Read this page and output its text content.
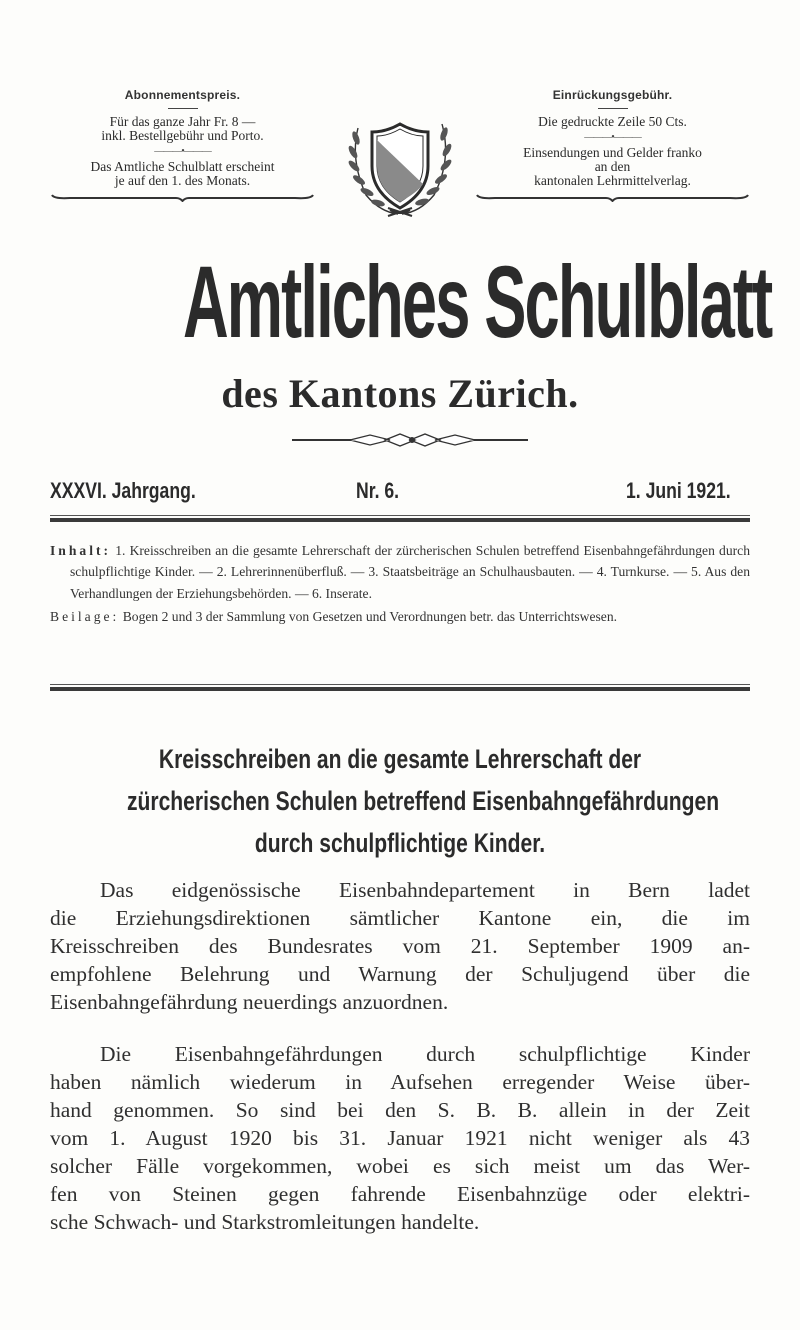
Abonnementspreis.
Für das ganze Jahr Fr. 8 —
inkl. Bestellgebühr und Porto.
———•———
Das Amtliche Schulblatt erscheint
je auf den 1. des Monats.
Einrückungsgebühr.
Die gedruckte Zeile 50 Cts.
———•———
Einsendungen und Gelder franko
an den
kantonalen Lehrmittelverlag.
Amtliches Schulblatt
des Kantons Zürich.
XXXVI. Jahrgang.	Nr. 6.	1. Juni 1921.

Inhalt: 1. Kreisschreiben an die gesamte Lehrerschaft der zürcherischen Schulen betreffend Eisenbahngefährdungen durch schulpflichtige Kinder. — 2. Lehrerinnenüberfluß. — 3. Staatsbeiträge an Schulhausbauten. — 4. Turnkurse. — 5. Aus den Verhandlungen der Erziehungsbehörden. — 6. Inserate.

Beilage: Bogen 2 und 3 der Sammlung von Gesetzen und Verordnungen betr. das Unterrichtswesen.

Kreisschreiben an die gesamte Lehrerschaft der
zürcherischen Schulen betreffend Eisenbahngefährdungen
durch schulpflichtige Kinder.
Das eidgenössische Eisenbahndepartement in Bern ladet
die Erziehungsdirektionen sämtlicher Kantone ein, die im
Kreisschreiben des Bundesrates vom 21. September 1909 an-
empfohlene Belehrung und Warnung der Schuljugend über die
Eisenbahngefährdung neuerdings anzuordnen.
Die Eisenbahngefährdungen durch schulpflichtige Kinder
haben nämlich wiederum in Aufsehen erregender Weise über-
hand genommen. So sind bei den S. B. B. allein in der Zeit
vom 1. August 1920 bis 31. Januar 1921 nicht weniger als 43
solcher Fälle vorgekommen, wobei es sich meist um das Wer-
fen von Steinen gegen fahrende Eisenbahnzüge oder elektri-
sche Schwach- und Starkstromleitungen handelte.
